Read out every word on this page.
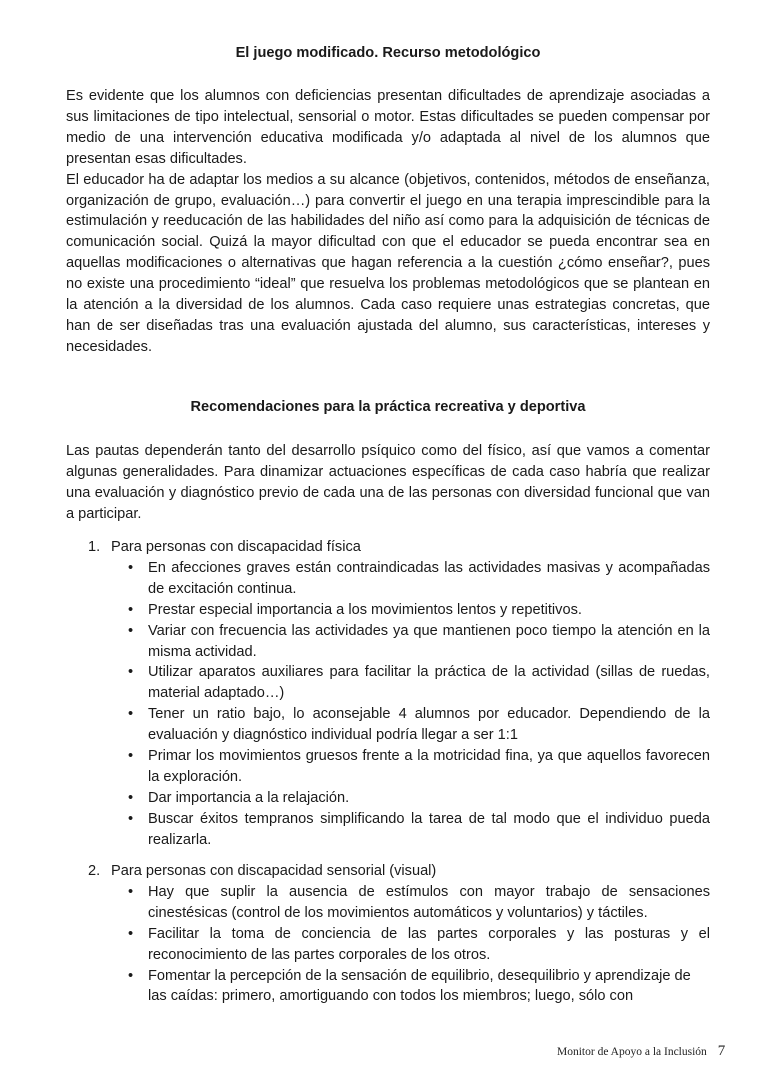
El juego modificado. Recurso metodológico

Es evidente que los alumnos con deficiencias presentan dificultades de aprendizaje asociadas a sus limitaciones de tipo intelectual, sensorial o motor. Estas dificultades se pueden compensar por medio de una intervención educativa modificada y/o adaptada al nivel de los alumnos que presentan esas dificultades.

El educador ha de adaptar los medios a su alcance (objetivos, contenidos, métodos de enseñanza, organización de grupo, evaluación…) para convertir el juego en una terapia imprescindible para la estimulación y reeducación de las habilidades del niño así como para la adquisición de técnicas de comunicación social. Quizá la mayor dificultad con que el educador se pueda encontrar sea en aquellas modificaciones o alternativas que hagan referencia a la cuestión ¿cómo enseñar?, pues no existe una procedimiento “ideal” que resuelva los problemas metodológicos que se plantean en la atención a la diversidad de los alumnos. Cada caso requiere unas estrategias concretas, que han de ser diseñadas tras una evaluación ajustada del alumno, sus características, intereses y necesidades.

Recomendaciones para la práctica recreativa y deportiva

Las pautas dependerán tanto del desarrollo psíquico como del físico, así que vamos a comentar algunas generalidades. Para dinamizar actuaciones específicas de cada caso habría que realizar una evaluación y diagnóstico previo de cada una de las personas con diversidad funcional que van a participar.

1. Para personas con discapacidad física

• En afecciones graves están contraindicadas las actividades masivas y acompañadas de excitación continua.
• Prestar especial importancia a los movimientos lentos y repetitivos.
• Variar con frecuencia las actividades ya que mantienen poco tiempo la atención en la misma actividad.
• Utilizar aparatos auxiliares para facilitar la práctica de la actividad (sillas de ruedas, material adaptado…)
• Tener un ratio bajo, lo aconsejable 4 alumnos por educador. Dependiendo de la evaluación y diagnóstico individual podría llegar a ser 1:1
• Primar los movimientos gruesos frente a la motricidad fina, ya que aquellos favorecen la exploración.
• Dar importancia a la relajación.
• Buscar éxitos tempranos simplificando la tarea de tal modo que el individuo pueda realizarla.

2. Para personas con discapacidad sensorial (visual)

• Hay que suplir la ausencia de estímulos con mayor trabajo de sensaciones cinestésicas (control de los movimientos automáticos y voluntarios) y táctiles.
• Facilitar la toma de conciencia de las partes corporales y las posturas y el reconocimiento de las partes corporales de los otros.
• Fomentar la percepción de la sensación de equilibrio, desequilibrio y aprendizaje de las caídas: primero, amortiguando con todos los miembros; luego, sólo con
Monitor de Apoyo a la Inclusión 7
